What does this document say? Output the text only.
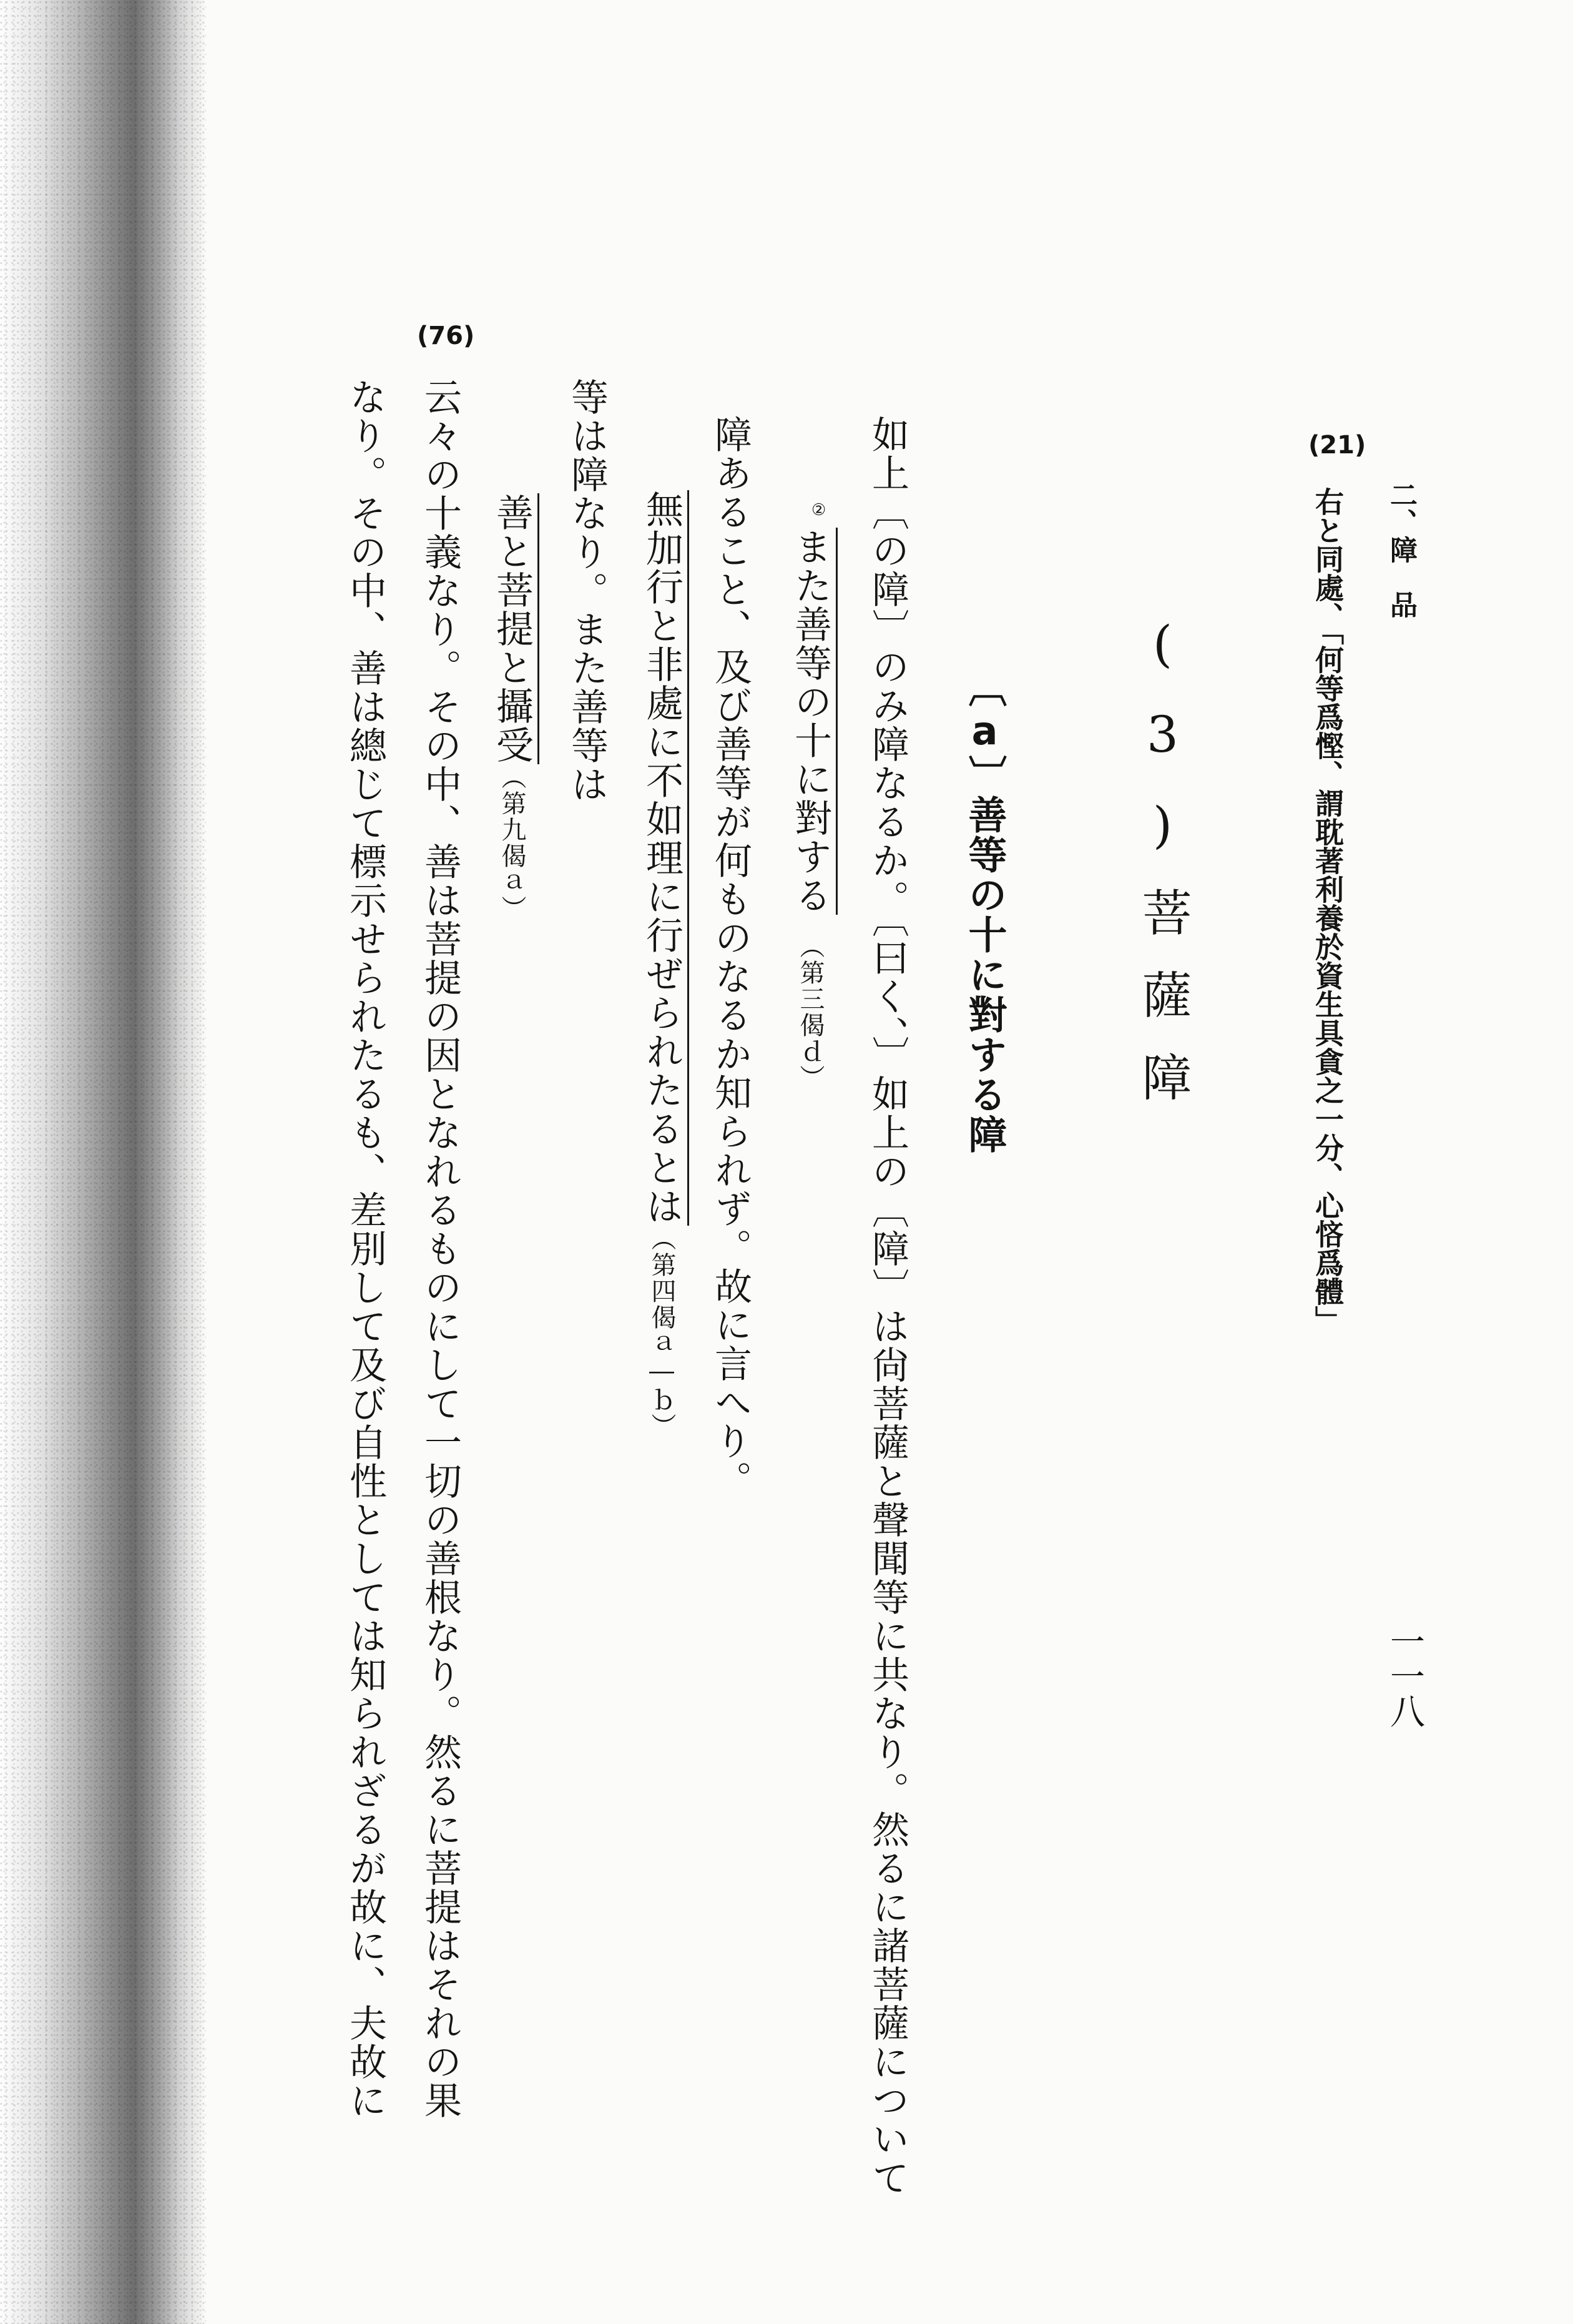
二、障　品
一一八
(21)
右と同處、「何等爲慳、謂耽著利養於資生具貪之一分、心悋爲體」
(3)菩薩障
〔a〕善等の十に對する障
如上〔の障〕のみ障なるか。〔曰く、〕如上の〔障〕は尙菩薩と聲聞等に共なり。然るに諸菩薩について
②
また善等の十に對する（第三偈ｄ）
障あること、及び善等が何ものなるか知られず。故に言へり。
無加行と非處に不如理に行ぜられたるとは（第四偈ａ―ｂ）
等は障なり。また善等は
善と菩提と攝受（第九偈ａ）
(76)
云々の十義なり。その中、善は菩提の因となれるものにして一切の善根なり。然るに菩提はそれの果
なり。その中、善は總じて標示せられたるも、差別して及び自性としては知られざるが故に、夫故に
